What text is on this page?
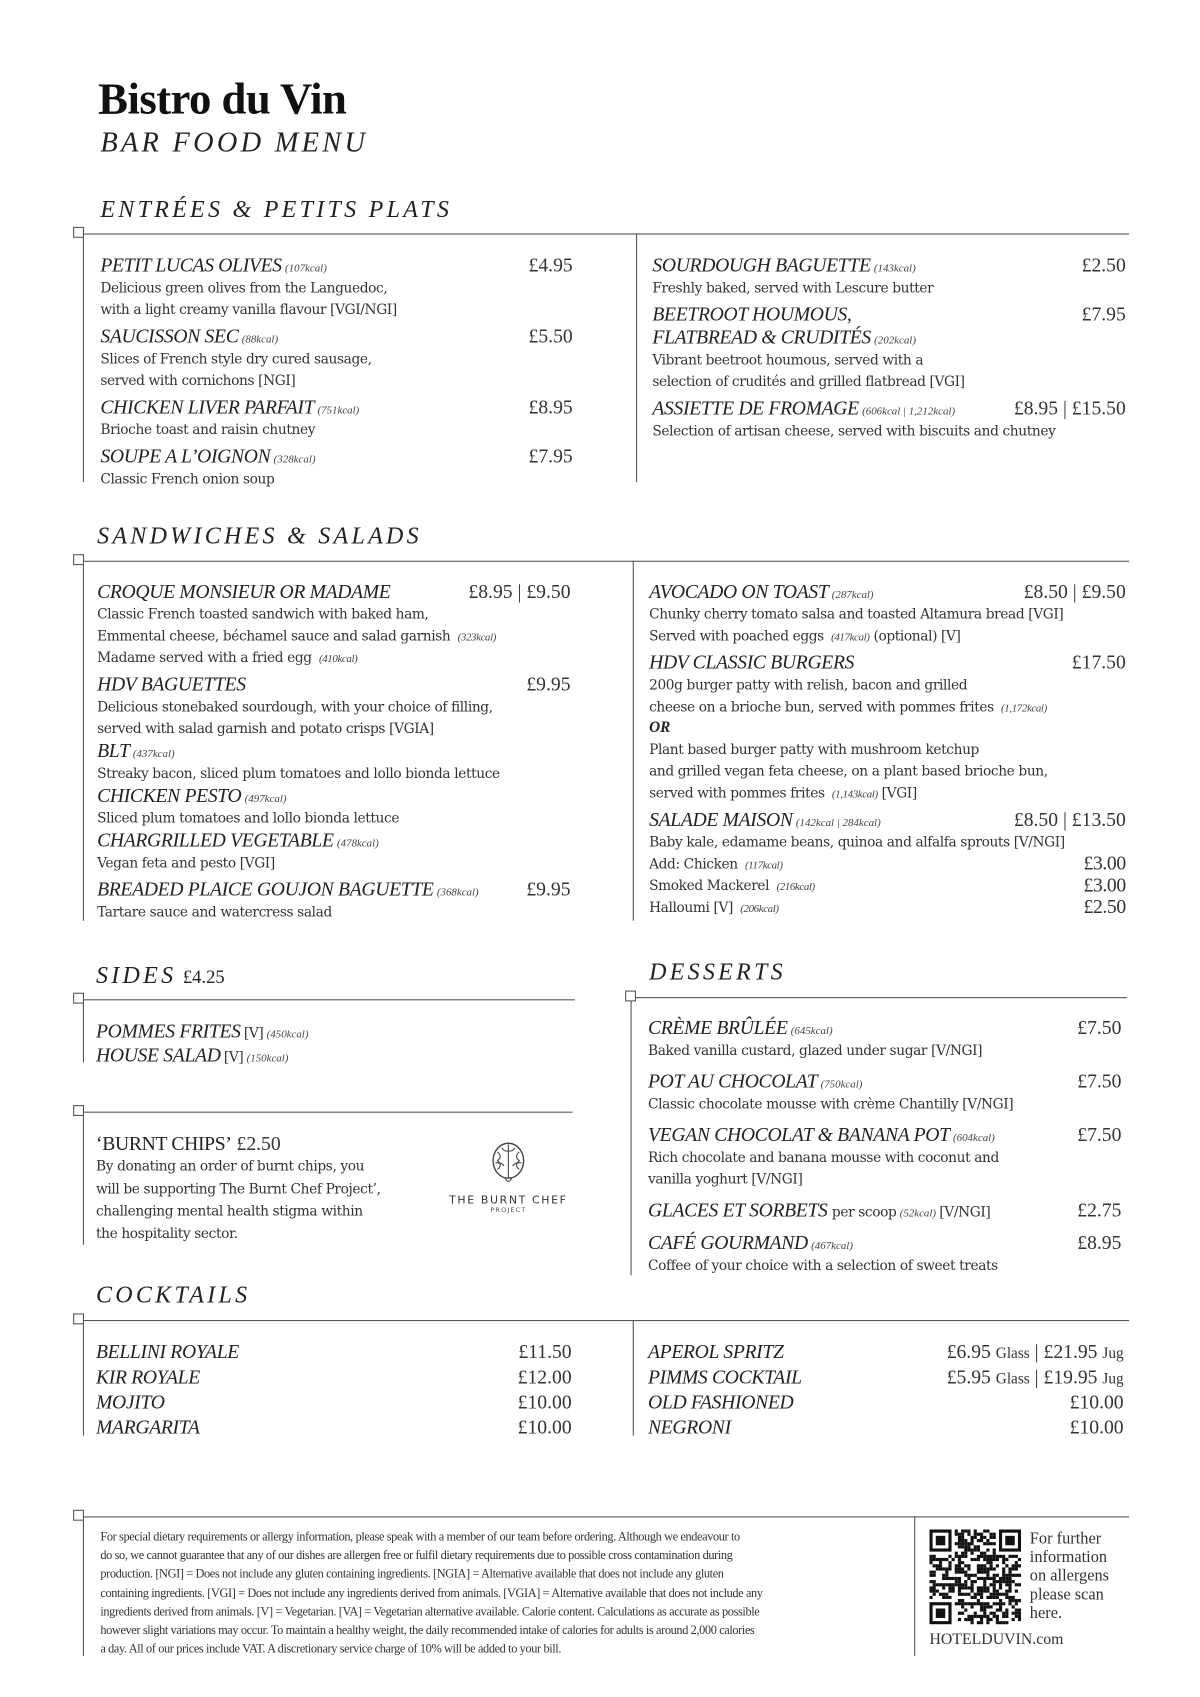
Bistro du Vin
BAR FOOD MENU
ENTRÉES & PETITS PLATS
PETIT LUCAS OLIVES (107kcal)	£4.95
Delicious green olives from the Languedoc,
with a light creamy vanilla flavour [VGI/NGI]
SAUCISSON SEC (88kcal)	£5.50
Slices of French style dry cured sausage,
served with cornichons [NGI]
CHICKEN LIVER PARFAIT (751kcal)	£8.95
Brioche toast and raisin chutney
SOUPE A L’OIGNON (328kcal)	£7.95
Classic French onion soup
SOURDOUGH BAGUETTE (143kcal)	£2.50
Freshly baked, served with Lescure butter
BEETROOT HOUMOUS,	£7.95
FLATBREAD & CRUDITÉS (202kcal)
Vibrant beetroot houmous, served with a
selection of crudités and grilled flatbread [VGI]
ASSIETTE DE FROMAGE (606kcal | 1,212kcal)	£8.95 | £15.50
Selection of artisan cheese, served with biscuits and chutney
SANDWICHES & SALADS
CROQUE MONSIEUR OR MADAME	£8.95 | £9.50
Classic French toasted sandwich with baked ham,
Emmental cheese, béchamel sauce and salad garnish (323kcal)
Madame served with a fried egg (410kcal)
HDV BAGUETTES	£9.95
Delicious stonebaked sourdough, with your choice of filling,
served with salad garnish and potato crisps [VGIA]
BLT (437kcal)
Streaky bacon, sliced plum tomatoes and lollo bionda lettuce
CHICKEN PESTO (497kcal)
Sliced plum tomatoes and lollo bionda lettuce
CHARGRILLED VEGETABLE (478kcal)
Vegan feta and pesto [VGI]
BREADED PLAICE GOUJON BAGUETTE (368kcal)	£9.95
Tartare sauce and watercress salad
AVOCADO ON TOAST (287kcal)	£8.50 | £9.50
Chunky cherry tomato salsa and toasted Altamura bread [VGI]
Served with poached eggs (417kcal) (optional) [V]
HDV CLASSIC BURGERS	£17.50
200g burger patty with relish, bacon and grilled
cheese on a brioche bun, served with pommes frites (1,172kcal)
OR
Plant based burger patty with mushroom ketchup
and grilled vegan feta cheese, on a plant based brioche bun,
served with pommes frites (1,143kcal) [VGI]
SALADE MAISON (142kcal | 284kcal)	£8.50 | £13.50
Baby kale, edamame beans, quinoa and alfalfa sprouts [V/NGI]
Add: Chicken (117kcal)	£3.00
Smoked Mackerel (216kcal)	£3.00
Halloumi [V] (206kcal)	£2.50
SIDES £4.25
POMMES FRITES [V] (450kcal)
HOUSE SALAD [V] (150kcal)
‘BURNT CHIPS’ £2.50
By donating an order of burnt chips, you
will be supporting The Burnt Chef Project’,
challenging mental health stigma within
the hospitality sector.
THE BURNT CHEF
PROJECT
DESSERTS
CRÈME BRÛLÉE (645kcal)	£7.50
Baked vanilla custard, glazed under sugar [V/NGI]
POT AU CHOCOLAT (750kcal)	£7.50
Classic chocolate mousse with crème Chantilly [V/NGI]
VEGAN CHOCOLAT & BANANA POT (604kcal)	£7.50
Rich chocolate and banana mousse with coconut and
vanilla yoghurt [V/NGI]
GLACES ET SORBETS per scoop (52kcal) [V/NGI]	£2.75
CAFÉ GOURMAND (467kcal)	£8.95
Coffee of your choice with a selection of sweet treats
COCKTAILS
BELLINI ROYALE	£11.50
KIR ROYALE	£12.00
MOJITO	£10.00
MARGARITA	£10.00
APEROL SPRITZ	£6.95 Glass | £21.95 Jug
PIMMS COCKTAIL	£5.95 Glass | £19.95 Jug
OLD FASHIONED	£10.00
NEGRONI	£10.00
For special dietary requirements or allergy information, please speak with a member of our team before ordering. Although we endeavour to
do so, we cannot guarantee that any of our dishes are allergen free or fulfil dietary requirements due to possible cross contamination during
production. [NGI] = Does not include any gluten containing ingredients. [NGIA] = Alternative available that does not include any gluten
containing ingredients. [VGI] = Does not include any ingredients derived from animals. [VGIA] = Alternative available that does not include any
ingredients derived from animals. [V] = Vegetarian. [VA] = Vegetarian alternative available. Calorie content. Calculations as accurate as possible
however slight variations may occur. To maintain a healthy weight, the daily recommended intake of calories for adults is around 2,000 calories
a day. All of our prices include VAT. A discretionary service charge of 10% will be added to your bill.
For further
information
on allergens
please scan
here.
HOTELDUVIN.com
